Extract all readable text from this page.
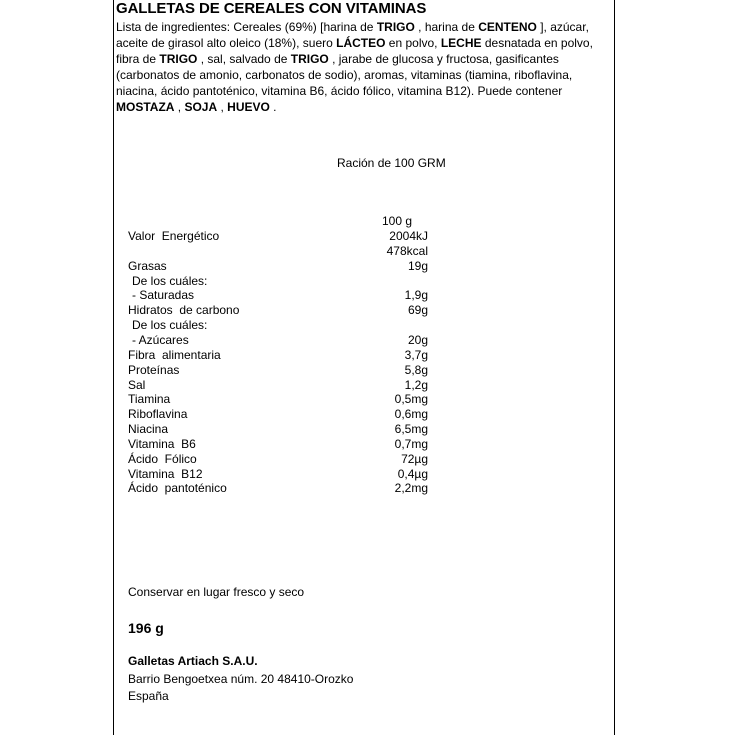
GALLETAS DE CEREALES CON VITAMINAS
Lista de ingredientes: Cereales (69%) [harina de TRIGO , harina de CENTENO ], azúcar, aceite de girasol alto oleico (18%), suero LÁCTEO en polvo, LECHE desnatada en polvo, fibra de TRIGO , sal, salvado de TRIGO , jarabe de glucosa y fructosa, gasificantes (carbonatos de amonio, carbonatos de sodio), aromas, vitaminas (tiamina, riboflavina, niacina, ácido pantoténico, vitamina B6, ácido fólico, vitamina B12). Puede contener MOSTAZA , SOJA , HUEVO .
Ración de 100 GRM
100 g
Valor  Energético	2004kJ
478kcal
Grasas	19g
De los cuáles:
- Saturadas	1,9g
Hidratos  de carbono	69g
De los cuáles:
- Azúcares	20g
Fibra  alimentaria	3,7g
Proteínas	5,8g
Sal	1,2g
Tiamina	0,5mg
Riboflavina	0,6mg
Niacina	6,5mg
Vitamina  B6	0,7mg
Ácido  Fólico	72µg
Vitamina  B12	0,4µg
Ácido  pantoténico	2,2mg
Conservar en lugar fresco y seco
196 g
Galletas Artiach S.A.U.
Barrio Bengoetxea núm. 20 48410-Orozko
España
